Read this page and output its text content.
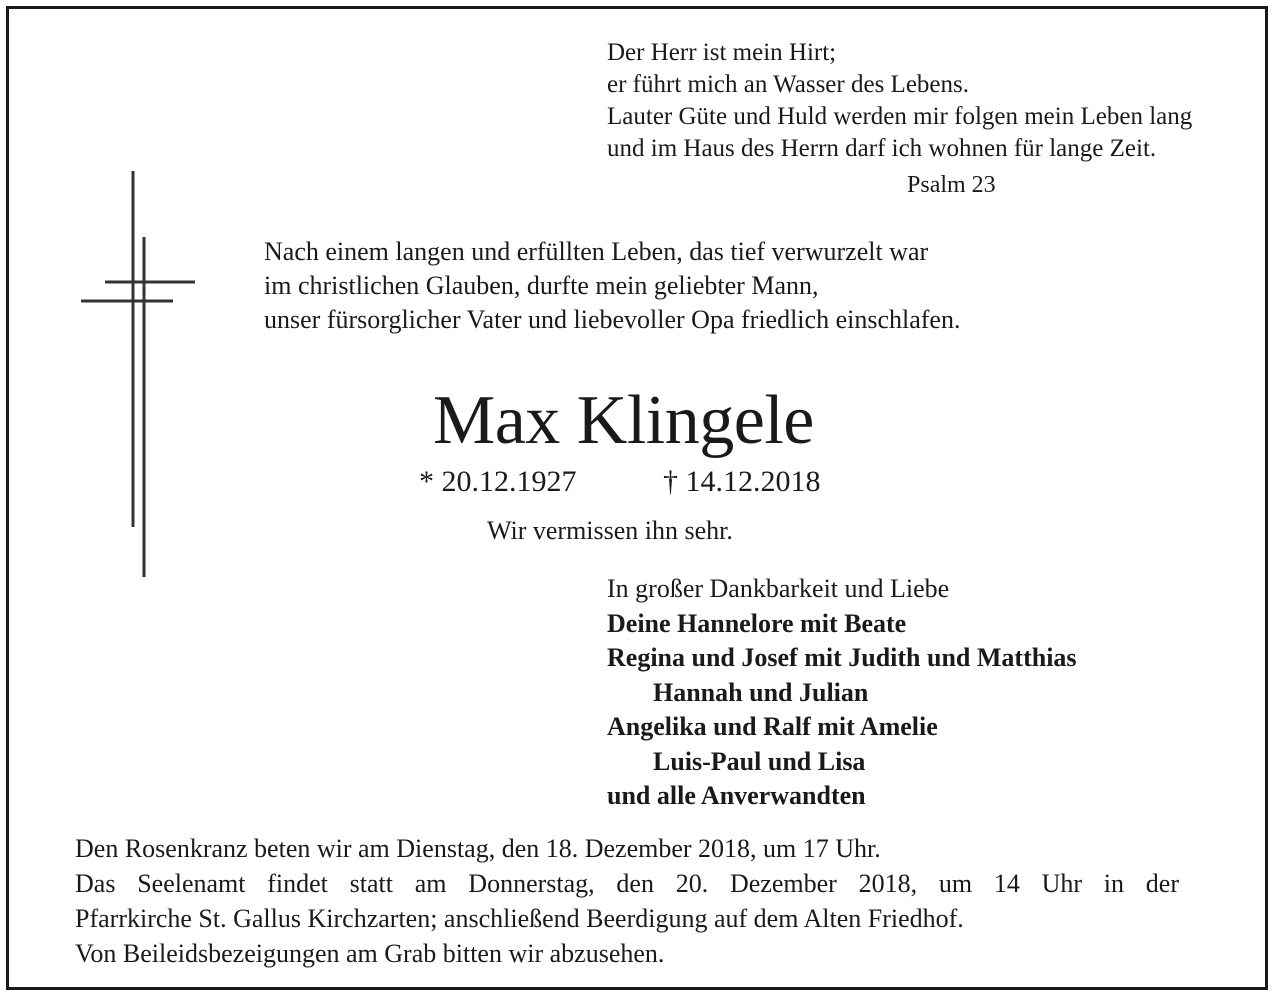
Der Herr ist mein Hirt;
er führt mich an Wasser des Lebens.
Lauter Güte und Huld werden mir folgen mein Leben lang
und im Haus des Herrn darf ich wohnen für lange Zeit.
Psalm 23
Nach einem langen und erfüllten Leben, das tief verwurzelt war
im christlichen Glauben, durfte mein geliebter Mann,
unser fürsorglicher Vater und liebevoller Opa friedlich einschlafen.
Max Klingele
* 20.12.1927	† 14.12.2018
Wir vermissen ihn sehr.
In großer Dankbarkeit und Liebe
Deine Hannelore mit Beate
Regina und Josef mit Judith und Matthias
Hannah und Julian
Angelika und Ralf mit Amelie
Luis-Paul und Lisa
und alle Anverwandten
Den Rosenkranz beten wir am Dienstag, den 18. Dezember 2018, um 17 Uhr.
Das Seelenamt findet statt am Donnerstag, den 20. Dezember 2018, um 14 Uhr in der
Pfarrkirche St. Gallus Kirchzarten; anschließend Beerdigung auf dem Alten Friedhof.
Von Beileidsbezeigungen am Grab bitten wir abzusehen.
